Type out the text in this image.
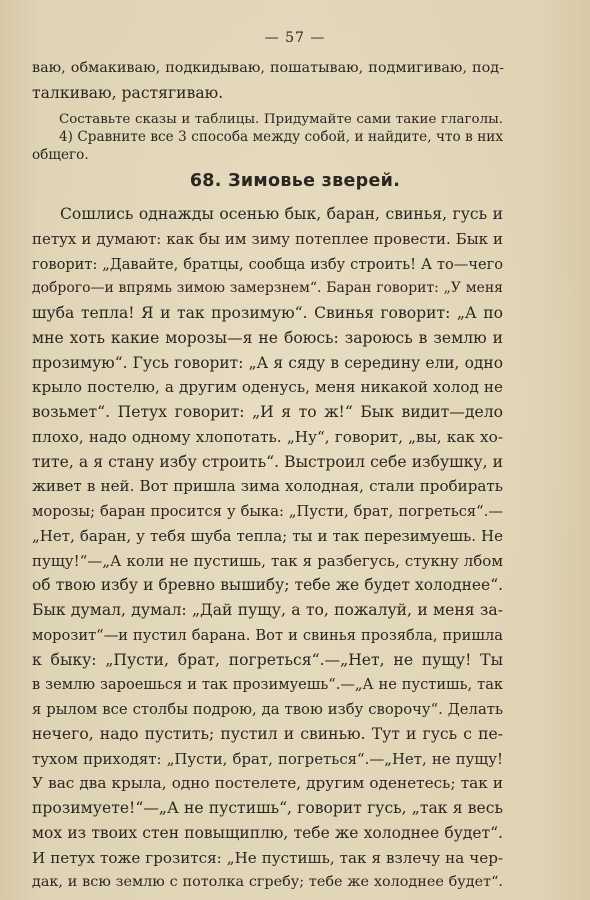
— 57 —
ваю, обмакиваю, подкидываю, пошатываю, подмигиваю, под-
талкиваю, растягиваю.
Составьте сказы и таблицы. Придумайте сами такие глаголы.
4) Сравните все 3 способа между собой, и найдите, что в них
общего.
68. Зимовье зверей.
Сошлись однажды осенью бык, баран, свинья, гусь и
петух и думают: как бы им зиму потеплее провести. Бык и
говорит: „Давайте, братцы, сообща избу строить! А то—чего
доброго—и впрямь зимою замерзнем“. Баран говорит: „У меня
шуба тепла! Я и так прозимую“. Свинья говорит: „А по
мне хоть какие морозы—я не боюсь: зароюсь в землю и
прозимую“. Гусь говорит: „А я сяду в середину ели, одно
крыло постелю, а другим оденусь, меня никакой холод не
возьмет“. Петух говорит: „И я то ж!“ Бык видит—дело
плохо, надо одному хлопотать. „Ну“, говорит, „вы, как хо-
тите, а я стану избу строить“. Выстроил себе избушку, и
живет в ней. Вот пришла зима холодная, стали пробирать
морозы; баран просится у быка: „Пусти, брат, погреться“.—
„Нет, баран, у тебя шуба тепла; ты и так перезимуешь. Не
пущу!“—„А коли не пустишь, так я разбегусь, стукну лбом
об твою избу и бревно вышибу; тебе же будет холоднее“.
Бык думал, думал: „Дай пущу, а то, пожалуй, и меня за-
морозит“—и пустил барана. Вот и свинья прозябла, пришла
к быку: „Пусти, брат, погреться“.—„Нет, не пущу! Ты
в землю зароешься и так прозимуешь“.—„А не пустишь, так
я рылом все столбы подрою, да твою избу сворочу“. Делать
нечего, надо пустить; пустил и свинью. Тут и гусь с пе-
тухом приходят: „Пусти, брат, погреться“.—„Нет, не пущу!
У вас два крыла, одно постелете, другим оденетесь; так и
прозимуете!“—„А не пустишь“, говорит гусь, „так я весь
мох из твоих стен повыщиплю, тебе же холоднее будет“.
И петух тоже грозится: „Не пустишь, так я взлечу на чер-
дак, и всю землю с потолка сгребу; тебе же холоднее будет“.
